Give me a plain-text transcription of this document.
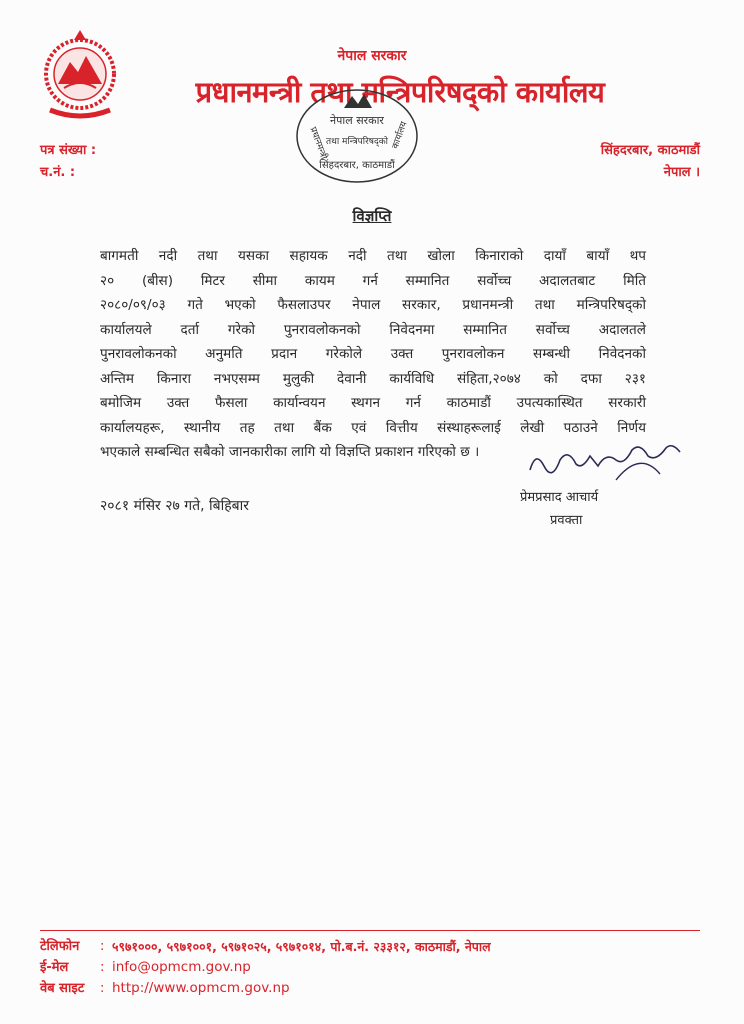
नेपाल सरकार
प्रधानमन्त्री तथा मन्त्रिपरिषद्को कार्यालय
नेपाल सरकार
प्रधानमन्त्री
तथा मन्त्रिपरिषद्को कार्यालय
सिंहदरबार, काठमाडौं
पत्र संख्या :
च.नं. :
सिंहदरबार, काठमाडौं
नेपाल ।
विज्ञप्ति
बागमती नदी तथा यसका सहायक नदी तथा खोला किनाराको दायाँ बायाँ थप
२० (बीस) मिटर सीमा कायम गर्न सम्मानित सर्वोच्च अदालतबाट मिति
२०८०/०९/०३ गते भएको फैसलाउपर नेपाल सरकार, प्रधानमन्त्री तथा मन्त्रिपरिषद्को
कार्यालयले दर्ता गरेको पुनरावलोकनको निवेदनमा सम्मानित सर्वोच्च अदालतले
पुनरावलोकनको अनुमति प्रदान गरेकोले उक्त पुनरावलोकन सम्बन्धी निवेदनको
अन्तिम किनारा नभएसम्म मुलुकी देवानी कार्यविधि संहिता,२०७४ को दफा २३१
बमोजिम उक्त फैसला कार्यान्वयन स्थगन गर्न काठमाडौं उपत्यकास्थित सरकारी
कार्यालयहरू, स्थानीय तह तथा बैंक एवं वित्तीय संस्थाहरूलाई लेखी पठाउने निर्णय
भएकाले सम्बन्धित सबैको जानकारीका लागि यो विज्ञप्ति प्रकाशन गरिएको छ ।
२०८१ मंसिर २७ गते, बिहिबार
प्रेमप्रसाद आचार्य
प्रवक्ता
टेलिफोन	: ५९७१०००, ५९७१००१, ५९७१०२५, ५९७१०१४, पो.ब.नं. २३३१२, काठमाडौं, नेपाल
ई-मेल	: info@opmcm.gov.np
वेब साइट	: http://www.opmcm.gov.np
